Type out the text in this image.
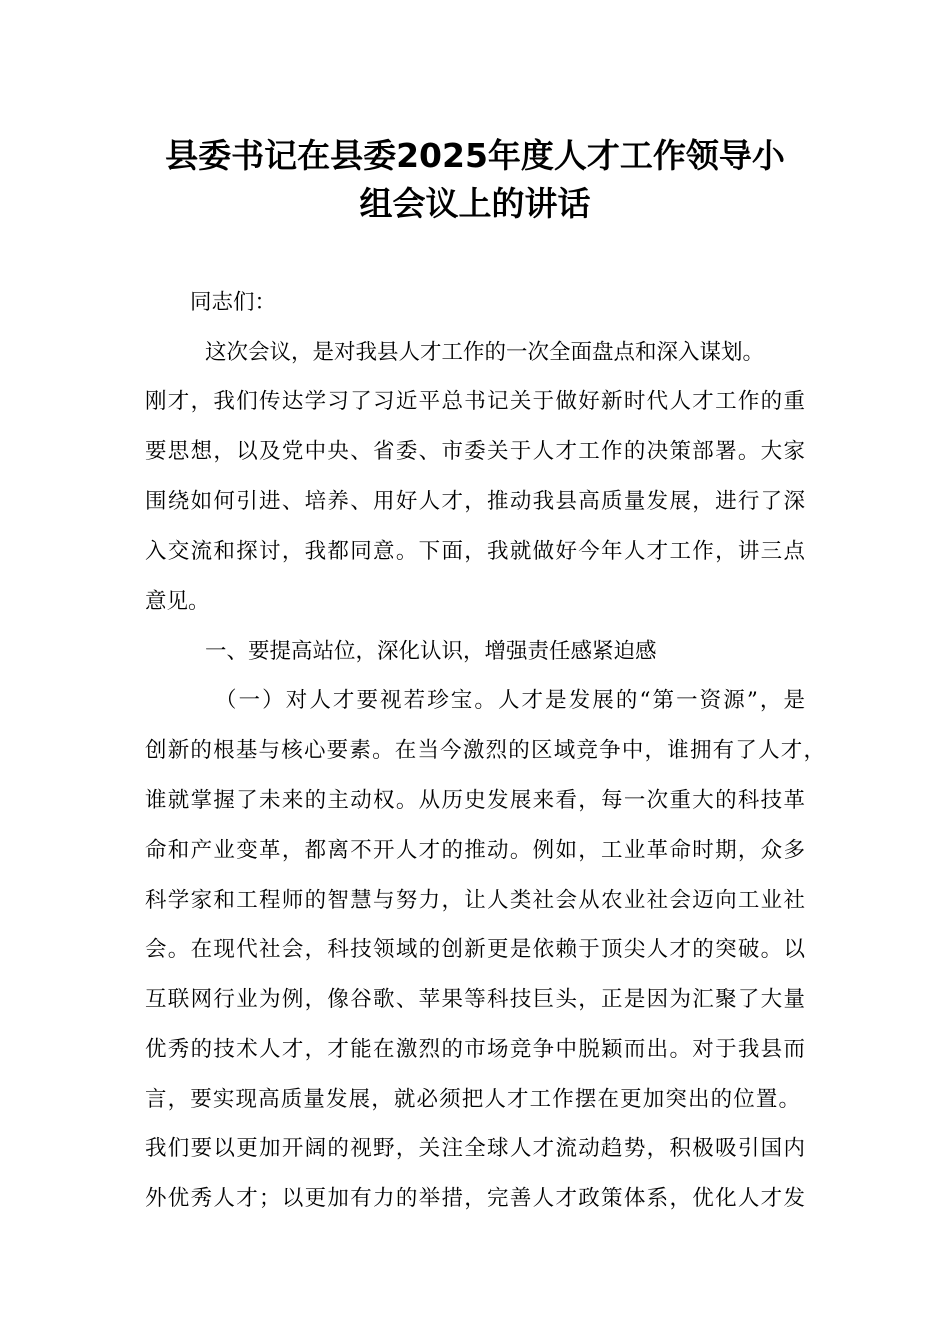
县委书记在县委2025年度人才工作领导小
组会议上的讲话
同志们：
这次会议，是对我县人才工作的一次全面盘点和深入谋划。
刚才，我们传达学习了习近平总书记关于做好新时代人才工作的重
要思想，以及党中央、省委、市委关于人才工作的决策部署。大家
围绕如何引进、培养、用好人才，推动我县高质量发展，进行了深
入交流和探讨，我都同意。下面，我就做好今年人才工作，讲三点
意见。
一、要提高站位，深化认识，增强责任感紧迫感
（一）对人才要视若珍宝。人才是发展的“第一资源”，是
创新的根基与核心要素。在当今激烈的区域竞争中，谁拥有了人才，
谁就掌握了未来的主动权。从历史发展来看，每一次重大的科技革
命和产业变革，都离不开人才的推动。例如，工业革命时期，众多
科学家和工程师的智慧与努力，让人类社会从农业社会迈向工业社
会。在现代社会，科技领域的创新更是依赖于顶尖人才的突破。以
互联网行业为例，像谷歌、苹果等科技巨头，正是因为汇聚了大量
优秀的技术人才，才能在激烈的市场竞争中脱颖而出。对于我县而
言，要实现高质量发展，就必须把人才工作摆在更加突出的位置。
我们要以更加开阔的视野，关注全球人才流动趋势，积极吸引国内
外优秀人才；以更加有力的举措，完善人才政策体系，优化人才发
